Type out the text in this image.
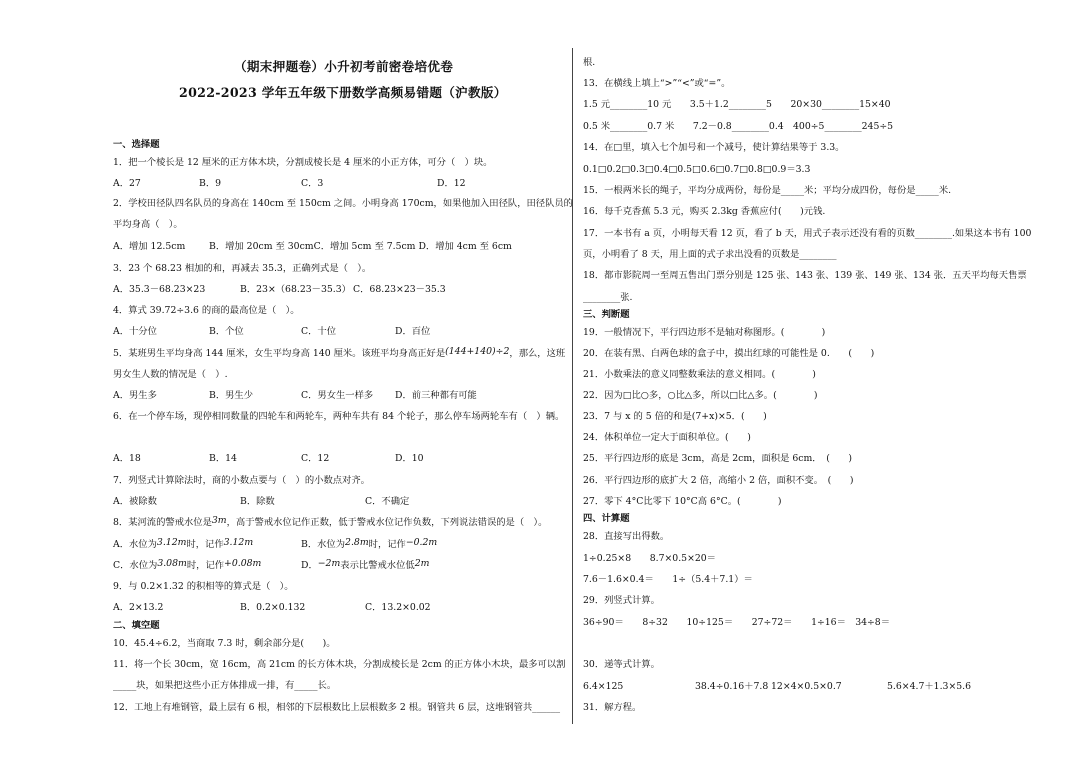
（期末押题卷）小升初考前密卷培优卷
2022-2023 学年五年级下册数学高频易错题（沪教版）
一、选择题
1．把一个棱长是 12 厘米的正方体木块，分割成棱长是 4 厘米的小正方体，可分（　）块。
A．27	B．9	C．3	D．12
2．学校田径队四名队员的身高在 140cm 至 150cm 之间。小明身高 170cm，如果他加入田径队，田径队员的
平均身高（　）。
A．增加 12.5cm	B．增加 20cm 至 30cmC．增加 5cm 至 7.5cm D．增加 4cm 至 6cm
3．23 个 68.23 相加的和，再减去 35.3，正确列式是（　）。
A．35.3－68.23×23	B．23×（68.23－35.3） C．68.23×23－35.3
4．算式 39.72÷3.6 的商的最高位是（　）。
A．十分位	B．个位	C．十位	D．百位
5．某班男生平均身高 144 厘米，女生平均身高 140 厘米。该班平均身高正好是(144+140)÷2，那么，这班
男女生人数的情况是（　）.
A．男生多	B．男生少	C．男女生一样多 D．前三种都有可能
6．在一个停车场，现停相同数量的四轮车和两轮车，两种车共有 84 个轮子，那么停车场两轮车有（　）辆。
A．18	B．14	C．12	D．10
7．列竖式计算除法时，商的小数点要与（　）的小数点对齐。
A．被除数	B．除数	C．不确定
8．某河流的警戒水位是3m，高于警戒水位记作正数，低于警戒水位记作负数，下列说法错误的是（　）。
A．水位为3.12m时，记作3.12m	B．水位为2.8m时，记作−0.2m
C．水位为3.08m时，记作+0.08m	D．−2m表示比警戒水位低2m
9．与 0.2×1.32 的积相等的算式是（　）。
A．2×13.2	B．0.2×0.132	C．13.2×0.02
二、填空题
10．45.4÷6.2，当商取 7.3 时，剩余部分是(　　)。
11．将一个长 30cm，宽 16cm，高 21cm 的长方体木块，分割成棱长是 2cm 的正方体小木块，最多可以割
_____块，如果把这些小正方体排成一排，有_____长。
12．工地上有堆钢管，最上层有 6 根，相邻的下层根数比上层根数多 2 根。钢管共 6 层，这堆钢管共______
根.
13．在横线上填上“>”“<”或“=”。
1.5 元________10 元　　3.5＋1.2________5　　20×30________15×40
0.5 米________0.7 米　　7.2－0.8________0.4　400÷5________245÷5
14．在□里，填入七个加号和一个减号，使计算结果等于 3.3。
0.1□0.2□0.3□0.4□0.5□0.6□0.7□0.8□0.9＝3.3
15．一根两米长的绳子，平均分成两份，每份是_____米；平均分成四份，每份是_____米.
16．每千克香蕉 5.3 元，购买 2.3kg 香蕉应付(　　)元钱.
17．一本书有 a 页，小明每天看 12 页，看了 b 天，用式子表示还没有看的页数________.如果这本书有 100
页，小明看了 8 天，用上面的式子求出没看的页数是________
18．都市影院周一至周五售出门票分别是 125 张、143 张、139 张、149 张、134 张．五天平均每天售票
________张.
三、判断题
19．一般情况下，平行四边形不是轴对称图形。(　　　　)
20．在装有黑、白两色球的盒子中，摸出红球的可能性是 0.　　(　　)
21．小数乘法的意义同整数乘法的意义相同。(　　　　)
22．因为□比○多，○比△多，所以□比△多。(　　　　)
23．7 与 x 的 5 倍的和是(7+x)×5．(　　)
24．体积单位一定大于面积单位。(　　)
25．平行四边形的底是 3cm，高是 2cm，面积是 6cm．　(　　)
26．平行四边形的底扩大 2 倍，高缩小 2 倍，面积不变。　(　　)
27．零下 4°C比零下 10°C高 6°C。(　　　　)
四、计算题
28．直接写出得数。
1÷0.25×8　　8.7×0.5×20＝
7.6－1.6×0.4＝　　1÷（5.4＋7.1）＝
29．列竖式计算。
36÷90＝　　8÷32　　10÷125＝　　27÷72＝　　1÷16＝　34÷8＝
30．递等式计算。
6.4×125	38.4÷0.16＋7.8 12×4×0.5×0.7	5.6×4.7＋1.3×5.6
31．解方程。
